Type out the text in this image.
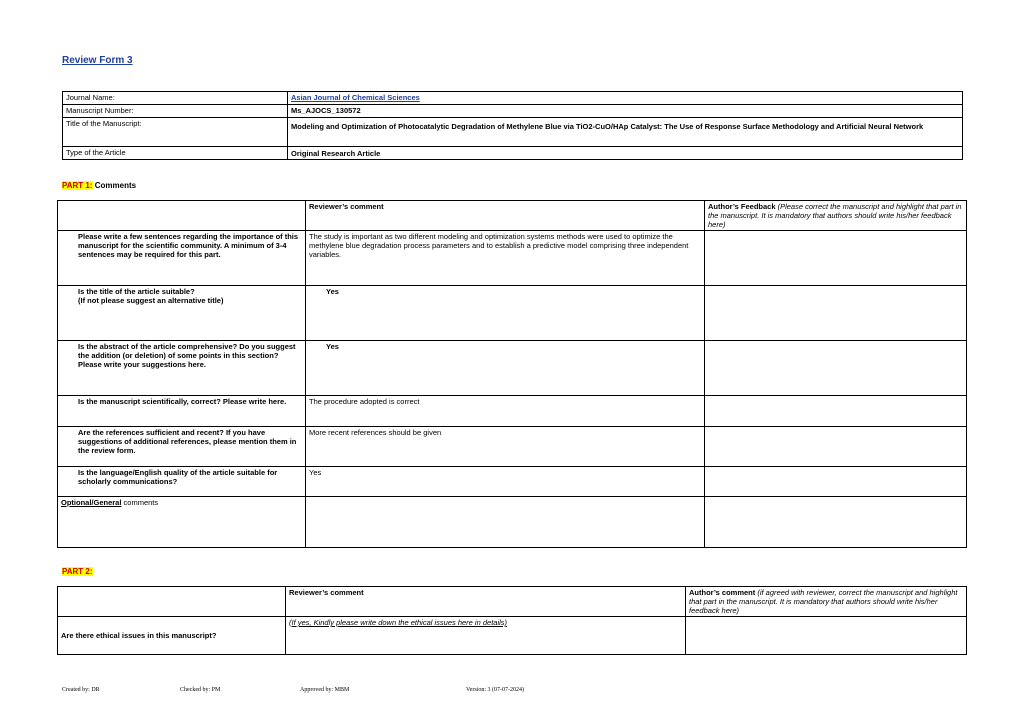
Review Form 3
Journal Name:	Asian Journal of Chemical Sciences
Manuscript Number:	Ms_AJOCS_130572
Title of the Manuscript:	Modeling and Optimization of Photocatalytic Degradation of Methylene Blue via TiO2-CuO/HAp Catalyst: The Use of Response Surface Methodology and Artificial Neural Network
Type of the Article	Original Research Article
PART 1: Comments
	Reviewer’s comment	Author’s Feedback (Please correct the manuscript and highlight that part in the manuscript. It is mandatory that authors should write his/her feedback here)
Please write a few sentences regarding the importance of this manuscript for the scientific community. A minimum of 3-4 sentences may be required for this part.	The study is important as two different modeling and optimization systems methods were used to optimize the methylene blue degradation process parameters and to establish a predictive model comprising three independent variables.	
Is the title of the article suitable?
(If not please suggest an alternative title)	Yes	
Is the abstract of the article comprehensive? Do you suggest the addition (or deletion) of some points in this section? Please write your suggestions here.	Yes	
Is the manuscript scientifically, correct? Please write here.	The procedure adopted is correct	
Are the references sufficient and recent? If you have suggestions of additional references, please mention them in the review form.	More recent references should be given	
Is the language/English quality of the article suitable for scholarly communications?	Yes	
Optional/General comments		
PART 2:
	Reviewer’s comment	Author’s comment (if agreed with reviewer, correct the manuscript and highlight that part in the manuscript. It is mandatory that authors should write his/her feedback here)
Are there ethical issues in this manuscript?	(If yes, Kindly please write down the ethical issues here in details)	
Created by: DR	Checked by: PM	Approved by: MBM	Version: 3 (07-07-2024)
